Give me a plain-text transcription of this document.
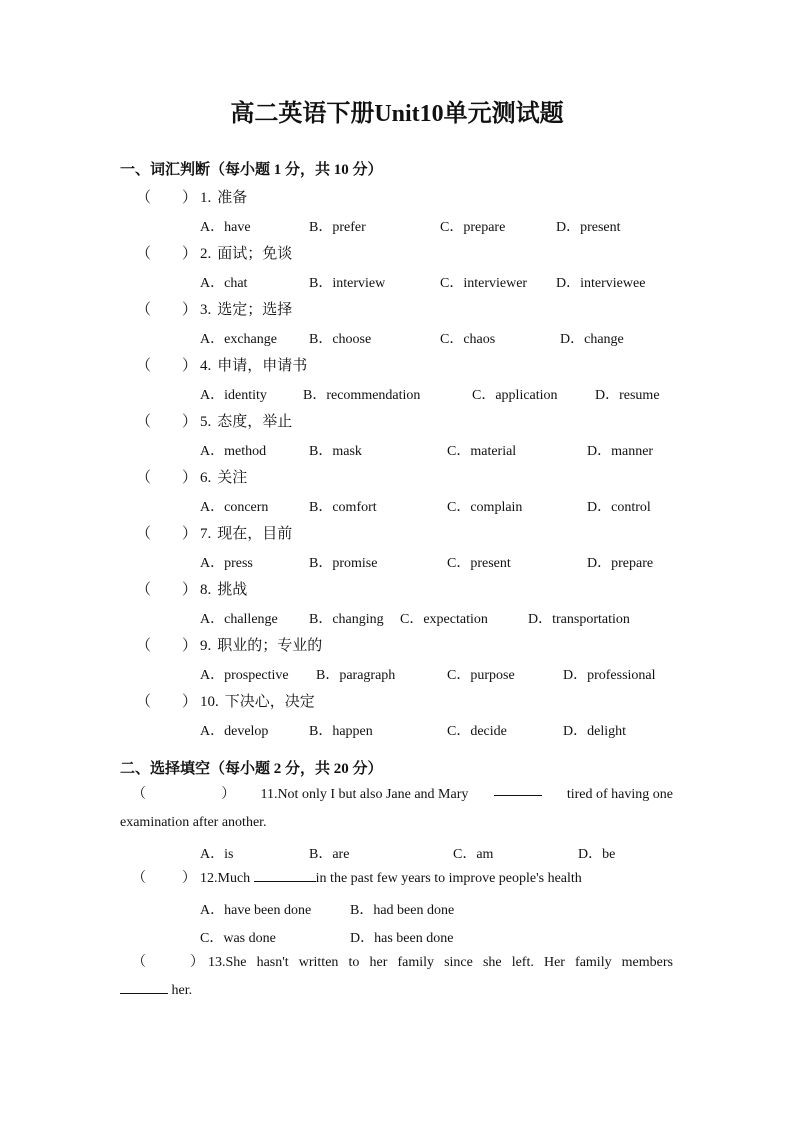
高二英语下册Unit10单元测试题
一、词汇判断（每小题 1 分，共 10 分）
（ ） 1. 准备
A．have	B．prefer	C．prepare	D．present
（ ） 2. 面试；免谈
A．chat	B．interview	C．interviewer D．interviewee
（ ） 3. 选定；选择
A．exchange B．choose	C．chaos	D．change
（ ） 4. 申请，申请书
A．identity	B．recommendation	C．application	D．resume
（ ） 5. 态度，举止
A．method	B．mask	C．material	D．manner
（ ） 6. 关注
A．concern	B．comfort	C．complain	D．control
（ ） 7. 现在，目前
A．press	B．promise	C．present	D．prepare
（ ） 8. 挑战
A．challenge B．changing C．expectation	D．transportation
（ ） 9. 职业的；专业的
A．prospective B．paragraph	C．purpose	D．professional
（ ） 10. 下决心，决定
A．develop	B．happen	C．decide	D．delight
二、选择填空（每小题 2 分，共 20 分）
（	） 11.Not only I but also Jane and Mary	tired of having one
examination after another.
A．is	B．are	C．am	D．be
（	） 12.Much	in the past few years to improve people's health
A．have been done	B．had been done
C．was done	D．has been done
（	） 13.She hasn't written to her family since she left. Her family members
her.
